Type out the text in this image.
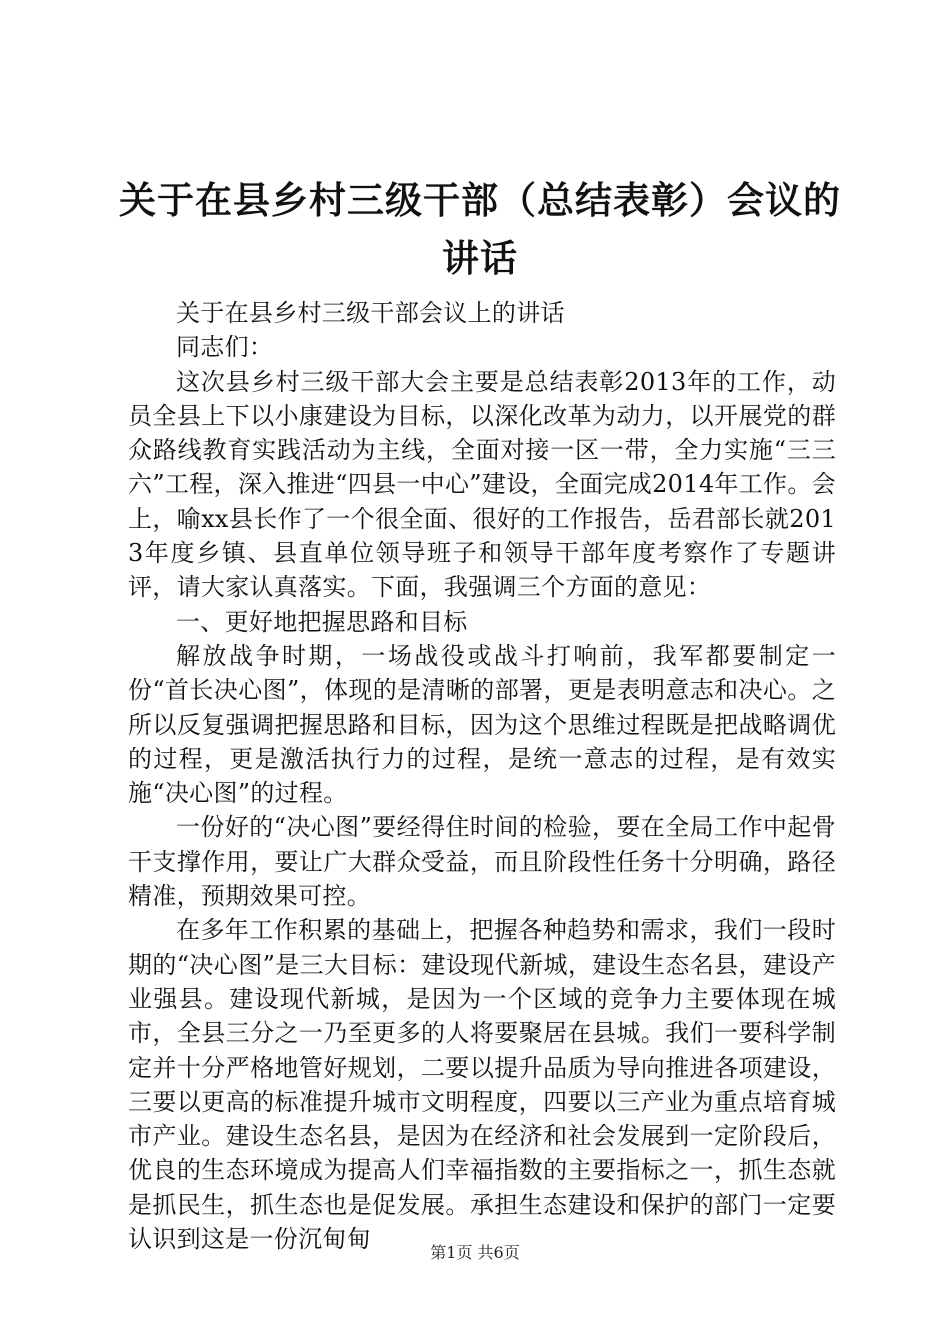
关于在县乡村三级干部（总结表彰）会议的讲话

关于在县乡村三级干部会议上的讲话

同志们：

这次县乡村三级干部大会主要是总结表彰2013年的工作，动员全县上下以小康建设为目标，以深化改革为动力，以开展党的群众路线教育实践活动为主线，全面对接一区一带，全力实施“三三六”工程，深入推进“四县一中心”建设，全面完成2014年工作。会上，喻xx县长作了一个很全面、很好的工作报告，岳君部长就2013年度乡镇、县直单位领导班子和领导干部年度考察作了专题讲评，请大家认真落实。下面，我强调三个方面的意见：

一、更好地把握思路和目标

解放战争时期，一场战役或战斗打响前，我军都要制定一份“首长决心图”，体现的是清晰的部署，更是表明意志和决心。之所以反复强调把握思路和目标，因为这个思维过程既是把战略调优的过程，更是激活执行力的过程，是统一意志的过程，是有效实施“决心图”的过程。

一份好的“决心图”要经得住时间的检验，要在全局工作中起骨干支撑作用，要让广大群众受益，而且阶段性任务十分明确，路径精准，预期效果可控。

在多年工作积累的基础上，把握各种趋势和需求，我们一段时期的“决心图”是三大目标：建设现代新城，建设生态名县，建设产业强县。建设现代新城，是因为一个区域的竞争力主要体现在城市，全县三分之一乃至更多的人将要聚居在县城。我们一要科学制定并十分严格地管好规划，二要以提升品质为导向推进各项建设，三要以更高的标准提升城市文明程度，四要以三产业为重点培育城市产业。建设生态名县，是因为在经济和社会发展到一定阶段后，优良的生态环境成为提高人们幸福指数的主要指标之一，抓生态就是抓民生，抓生态也是促发展。承担生态建设和保护的部门一定要认识到这是一份沉甸甸	第1页 共6页
